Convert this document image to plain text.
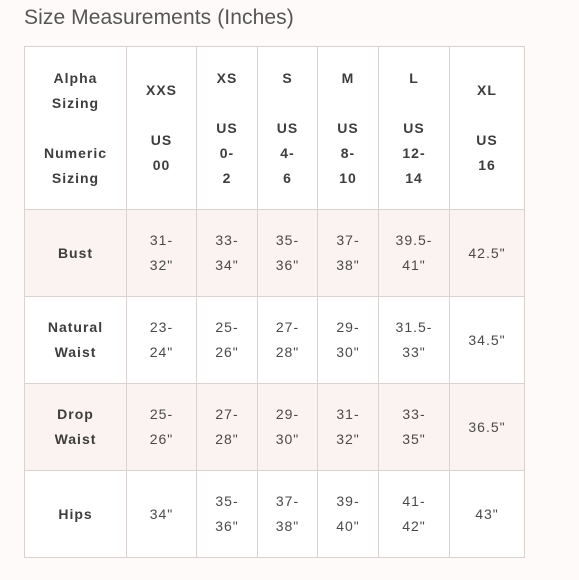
Size Measurements (Inches)
Alpha
Sizing
Numeric
Sizing	XXS
US
00	XS
US
0-
2	S
US
4-
6	M
US
8-
10	L
US
12-
14	XL
US
16

Bust	31-
32"	33-
34"	35-
36"	37-
38"	39.5-
41"	42.5"

Natural
Waist	23-
24"	25-
26"	27-
28"	29-
30"	31.5-
33"	34.5"

Drop
Waist	25-
26"	27-
28"	29-
30"	31-
32"	33-
35"	36.5"

Hips	34"	35-
36"	37-
38"	39-
40"	41-
42"	43"
